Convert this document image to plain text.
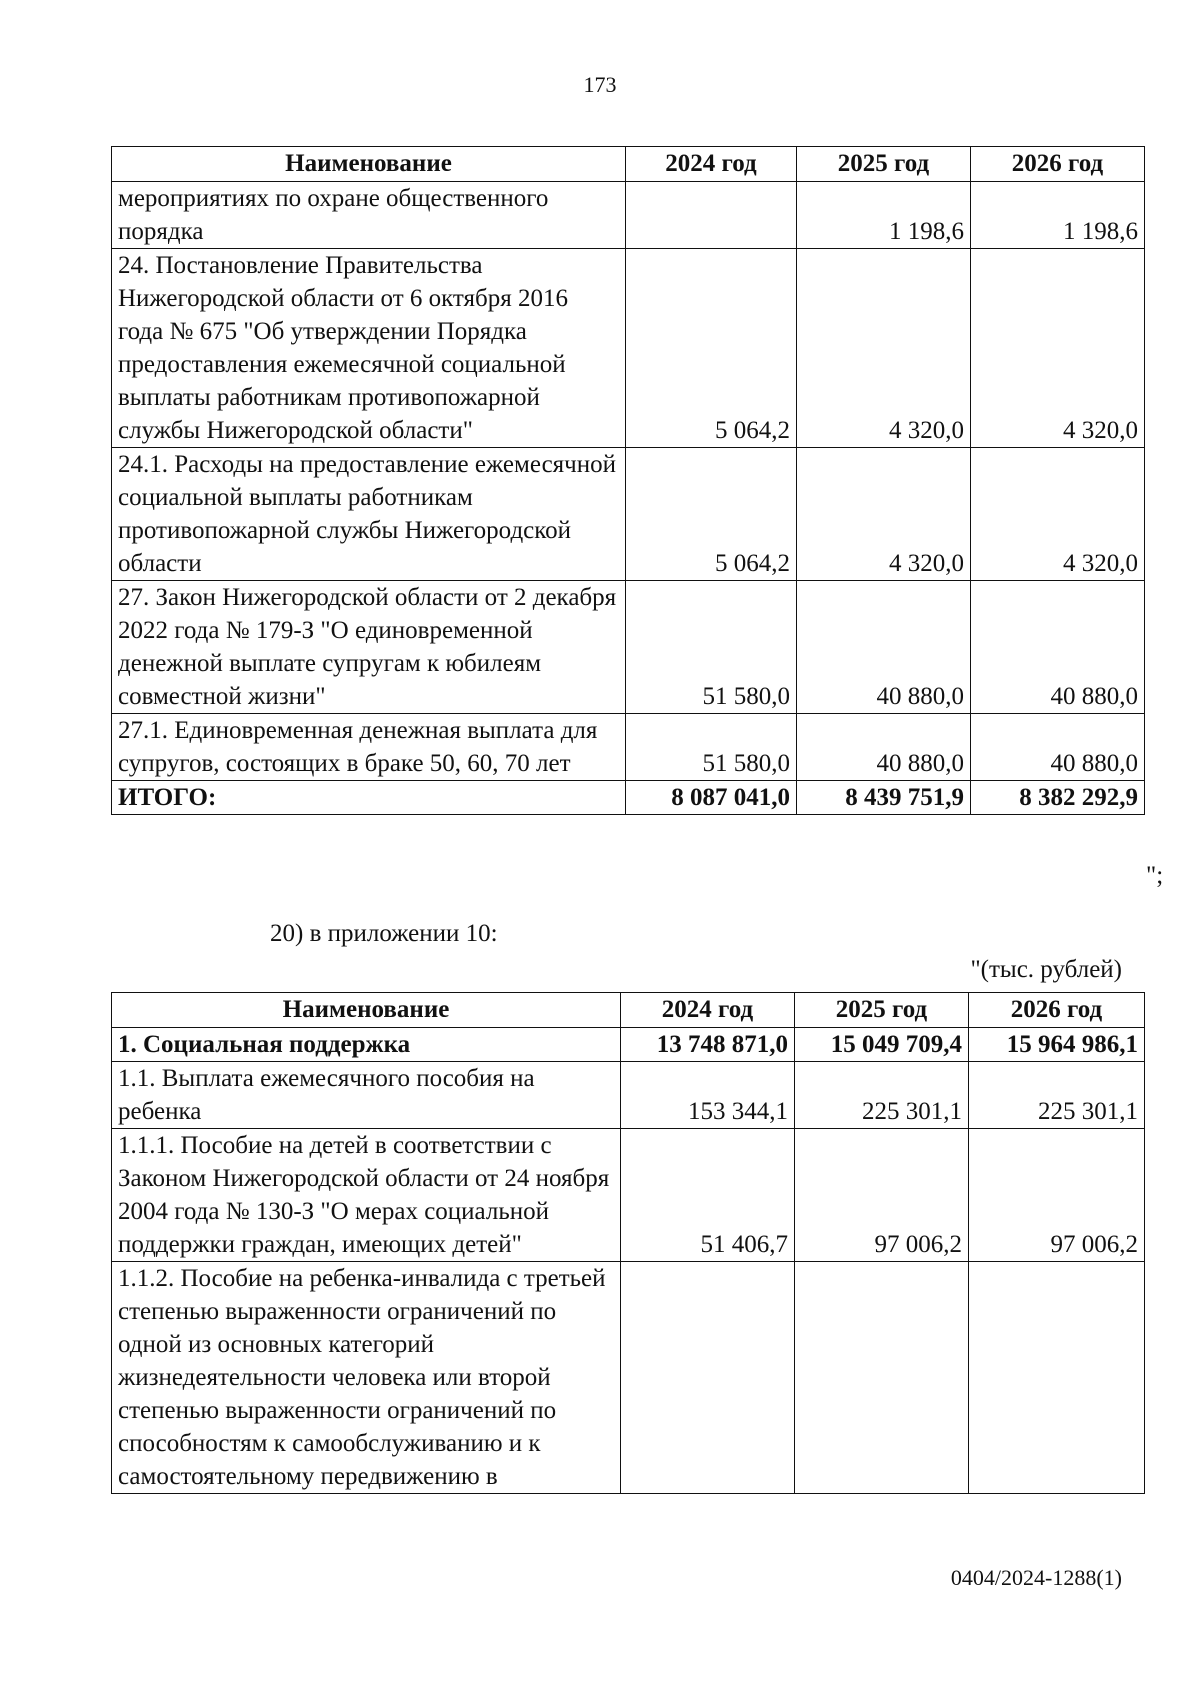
173
Наименование	2024 год	2025 год	2026 год
мероприятиях по охране общественного порядка		1 198,6	1 198,6
24. Постановление Правительства Нижегородской области от 6 октября 2016 года № 675 "Об утверждении Порядка предоставления ежемесячной социальной выплаты работникам противопожарной службы Нижегородской области"	5 064,2	4 320,0	4 320,0
24.1. Расходы на предоставление ежемесячной социальной выплаты работникам противопожарной службы Нижегородской области	5 064,2	4 320,0	4 320,0
27. Закон Нижегородской области от 2 декабря 2022 года № 179-З "О единовременной денежной выплате супругам к юбилеям совместной жизни"	51 580,0	40 880,0	40 880,0
27.1. Единовременная денежная выплата для супругов, состоящих в браке 50, 60, 70 лет	51 580,0	40 880,0	40 880,0
ИТОГО:	8 087 041,0	8 439 751,9	8 382 292,9
";
20) в приложении 10:
"(тыс. рублей)
Наименование	2024 год	2025 год	2026 год
1. Социальная поддержка	13 748 871,0	15 049 709,4	15 964 986,1
1.1. Выплата ежемесячного пособия на ребенка	153 344,1	225 301,1	225 301,1
1.1.1. Пособие на детей в соответствии с Законом Нижегородской области от 24 ноября 2004 года № 130-З "О мерах социальной поддержки граждан, имеющих детей"	51 406,7	97 006,2	97 006,2
1.1.2. Пособие на ребенка-инвалида с третьей степенью выраженности ограничений по одной из основных категорий жизнедеятельности человека или второй степенью выраженности ограничений по способностям к самообслуживанию и к самостоятельному передвижению в			
0404/2024-1288(1)
